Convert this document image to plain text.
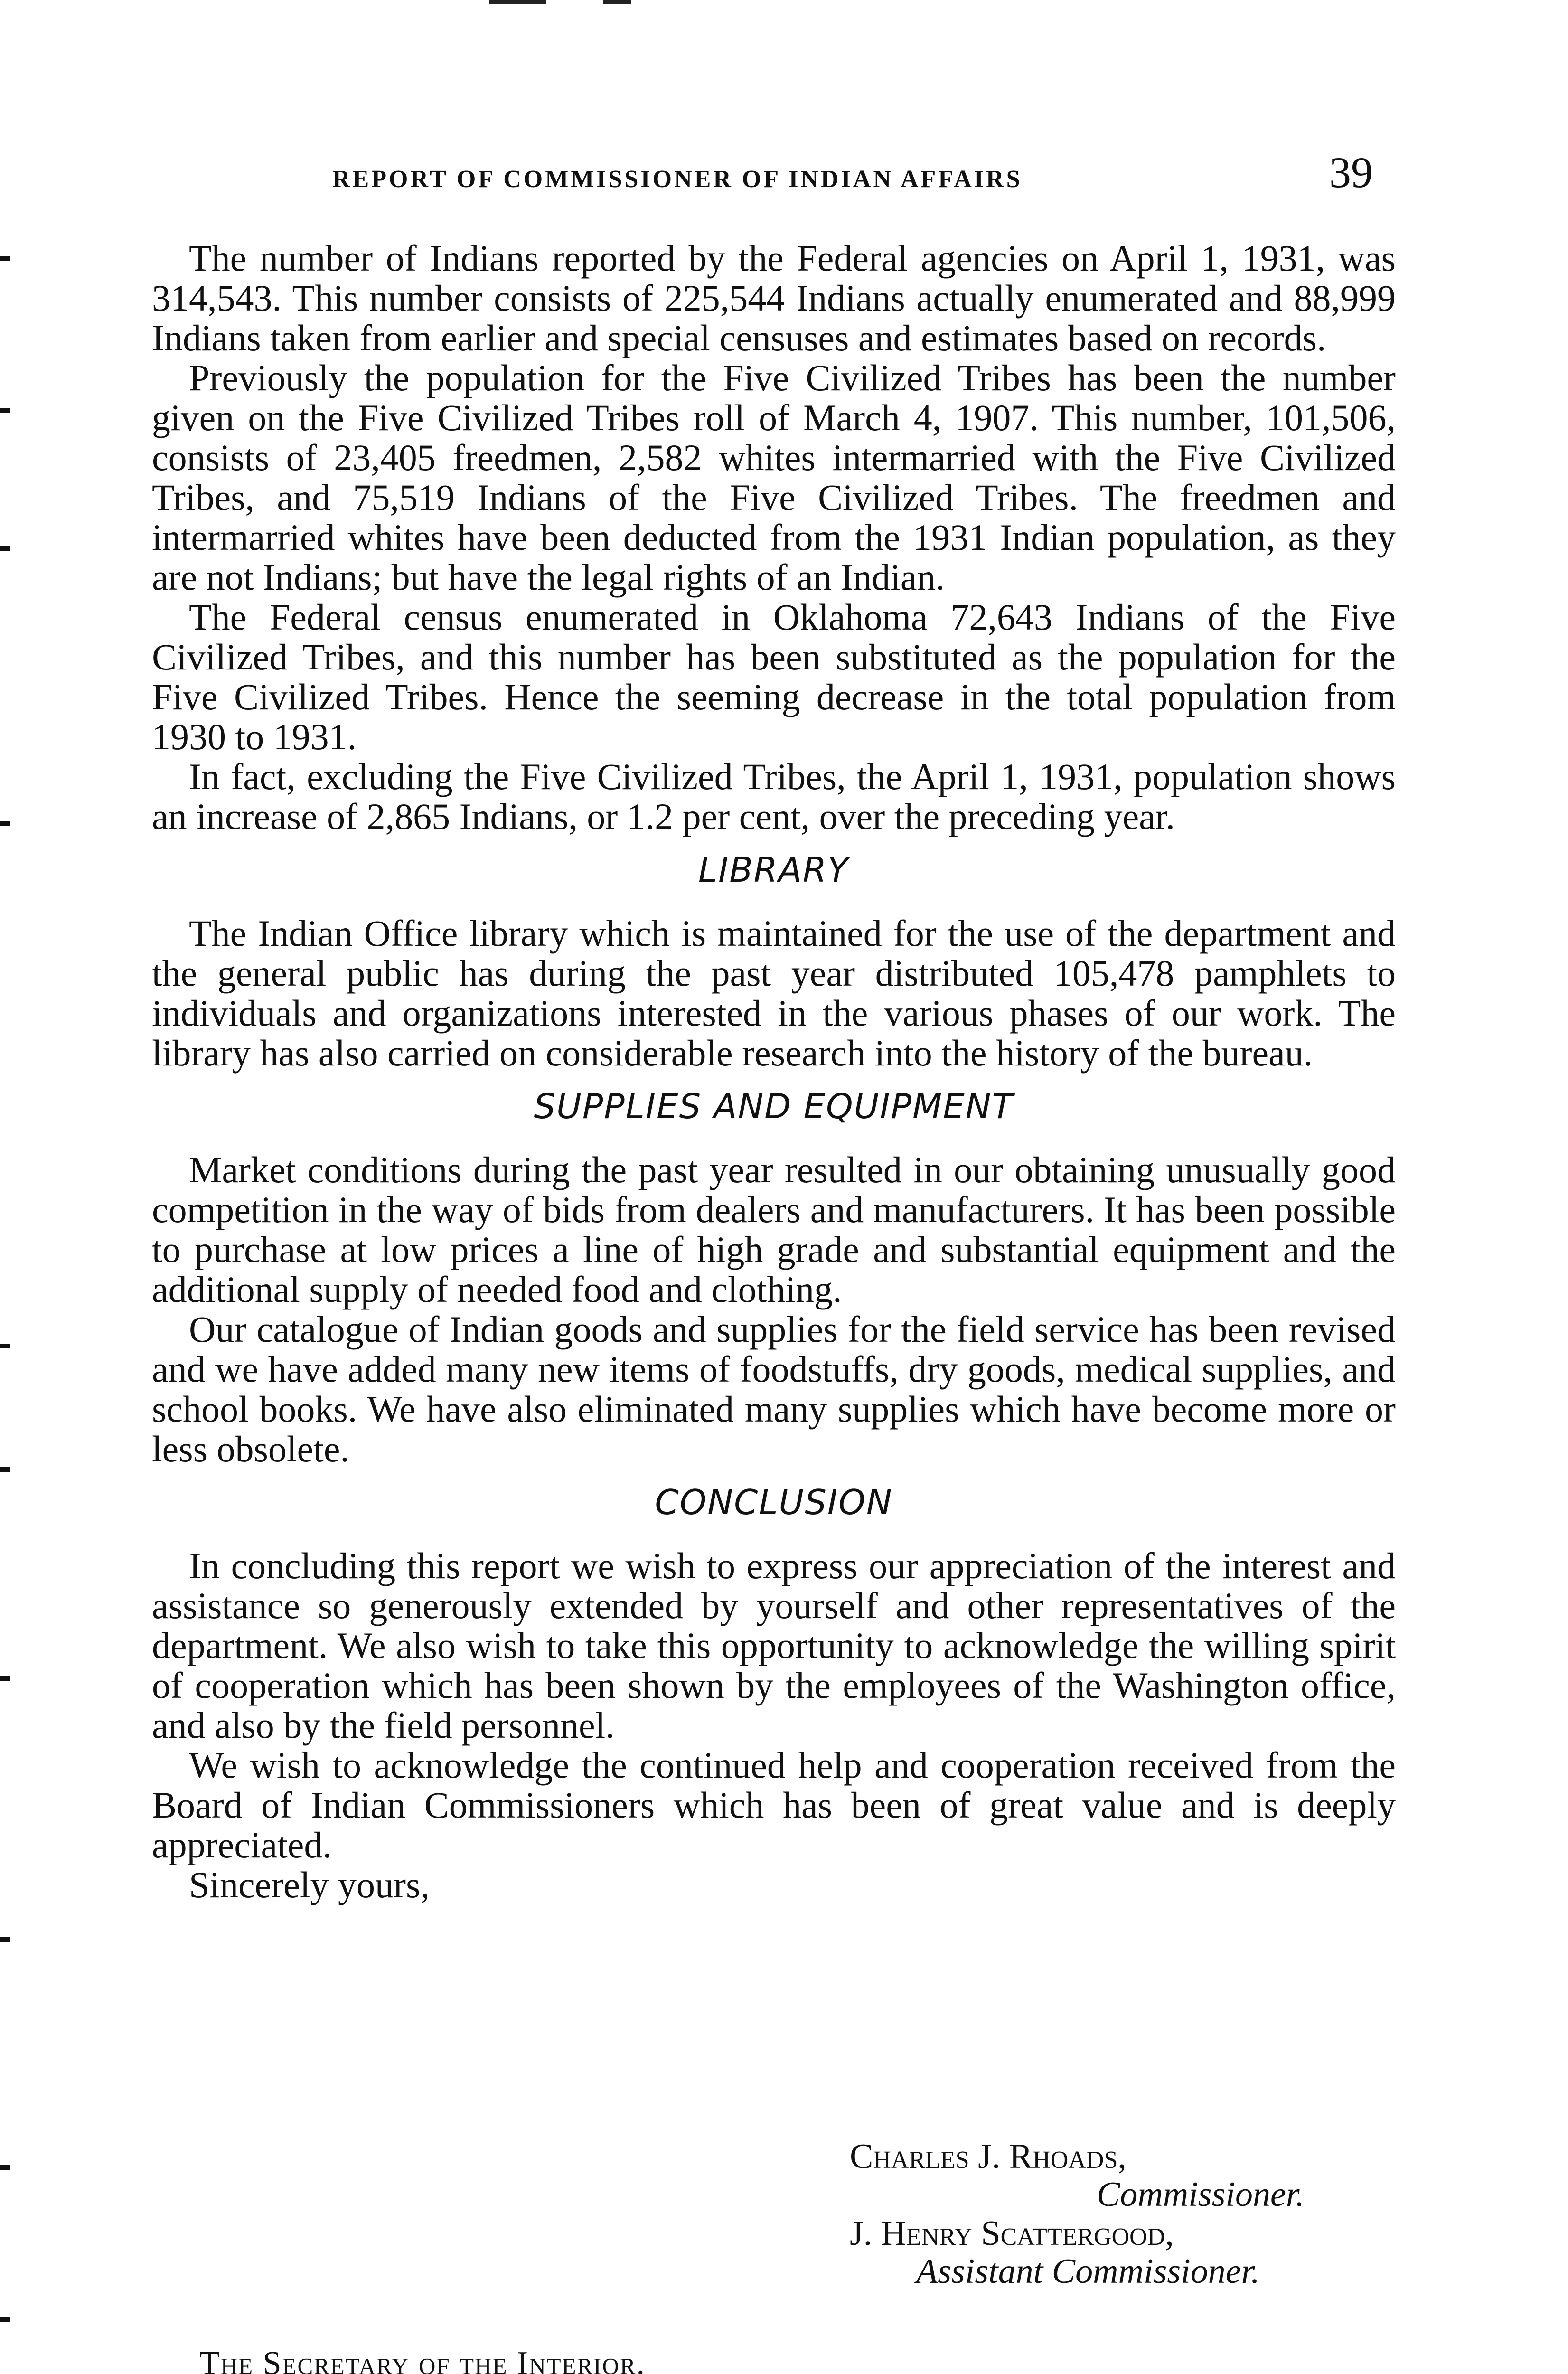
REPORT OF COMMISSIONER OF INDIAN AFFAIRS	39

The number of Indians reported by the Federal agencies on April 1, 1931, was 314,543. This number consists of 225,544 Indians actually enumerated and 88,999 Indians taken from earlier and special censuses and estimates based on records.

Previously the population for the Five Civilized Tribes has been the number given on the Five Civilized Tribes roll of March 4, 1907. This number, 101,506, consists of 23,405 freedmen, 2,582 whites intermarried with the Five Civilized Tribes, and 75,519 Indians of the Five Civilized Tribes. The freedmen and intermarried whites have been deducted from the 1931 Indian population, as they are not Indians; but have the legal rights of an Indian.

The Federal census enumerated in Oklahoma 72,643 Indians of the Five Civilized Tribes, and this number has been substituted as the population for the Five Civilized Tribes. Hence the seeming decrease in the total population from 1930 to 1931.

In fact, excluding the Five Civilized Tribes, the April 1, 1931, population shows an increase of 2,865 Indians, or 1.2 per cent, over the preceding year.

LIBRARY

The Indian Office library which is maintained for the use of the department and the general public has during the past year distributed 105,478 pamphlets to individuals and organizations interested in the various phases of our work. The library has also carried on considerable research into the history of the bureau.

SUPPLIES AND EQUIPMENT

Market conditions during the past year resulted in our obtaining unusually good competition in the way of bids from dealers and manufacturers. It has been possible to purchase at low prices a line of high grade and substantial equipment and the additional supply of needed food and clothing.

Our catalogue of Indian goods and supplies for the field service has been revised and we have added many new items of foodstuffs, dry goods, medical supplies, and school books. We have also eliminated many supplies which have become more or less obsolete.

CONCLUSION

In concluding this report we wish to express our appreciation of the interest and assistance so generously extended by yourself and other representatives of the department. We also wish to take this opportunity to acknowledge the willing spirit of cooperation which has been shown by the employees of the Washington office, and also by the field personnel.

We wish to acknowledge the continued help and cooperation received from the Board of Indian Commissioners which has been of great value and is deeply appreciated.

Sincerely yours,

Charles J. Rhoads,
Commissioner.
J. Henry Scattergood,
Assistant Commissioner.
The Secretary of the Interior.
